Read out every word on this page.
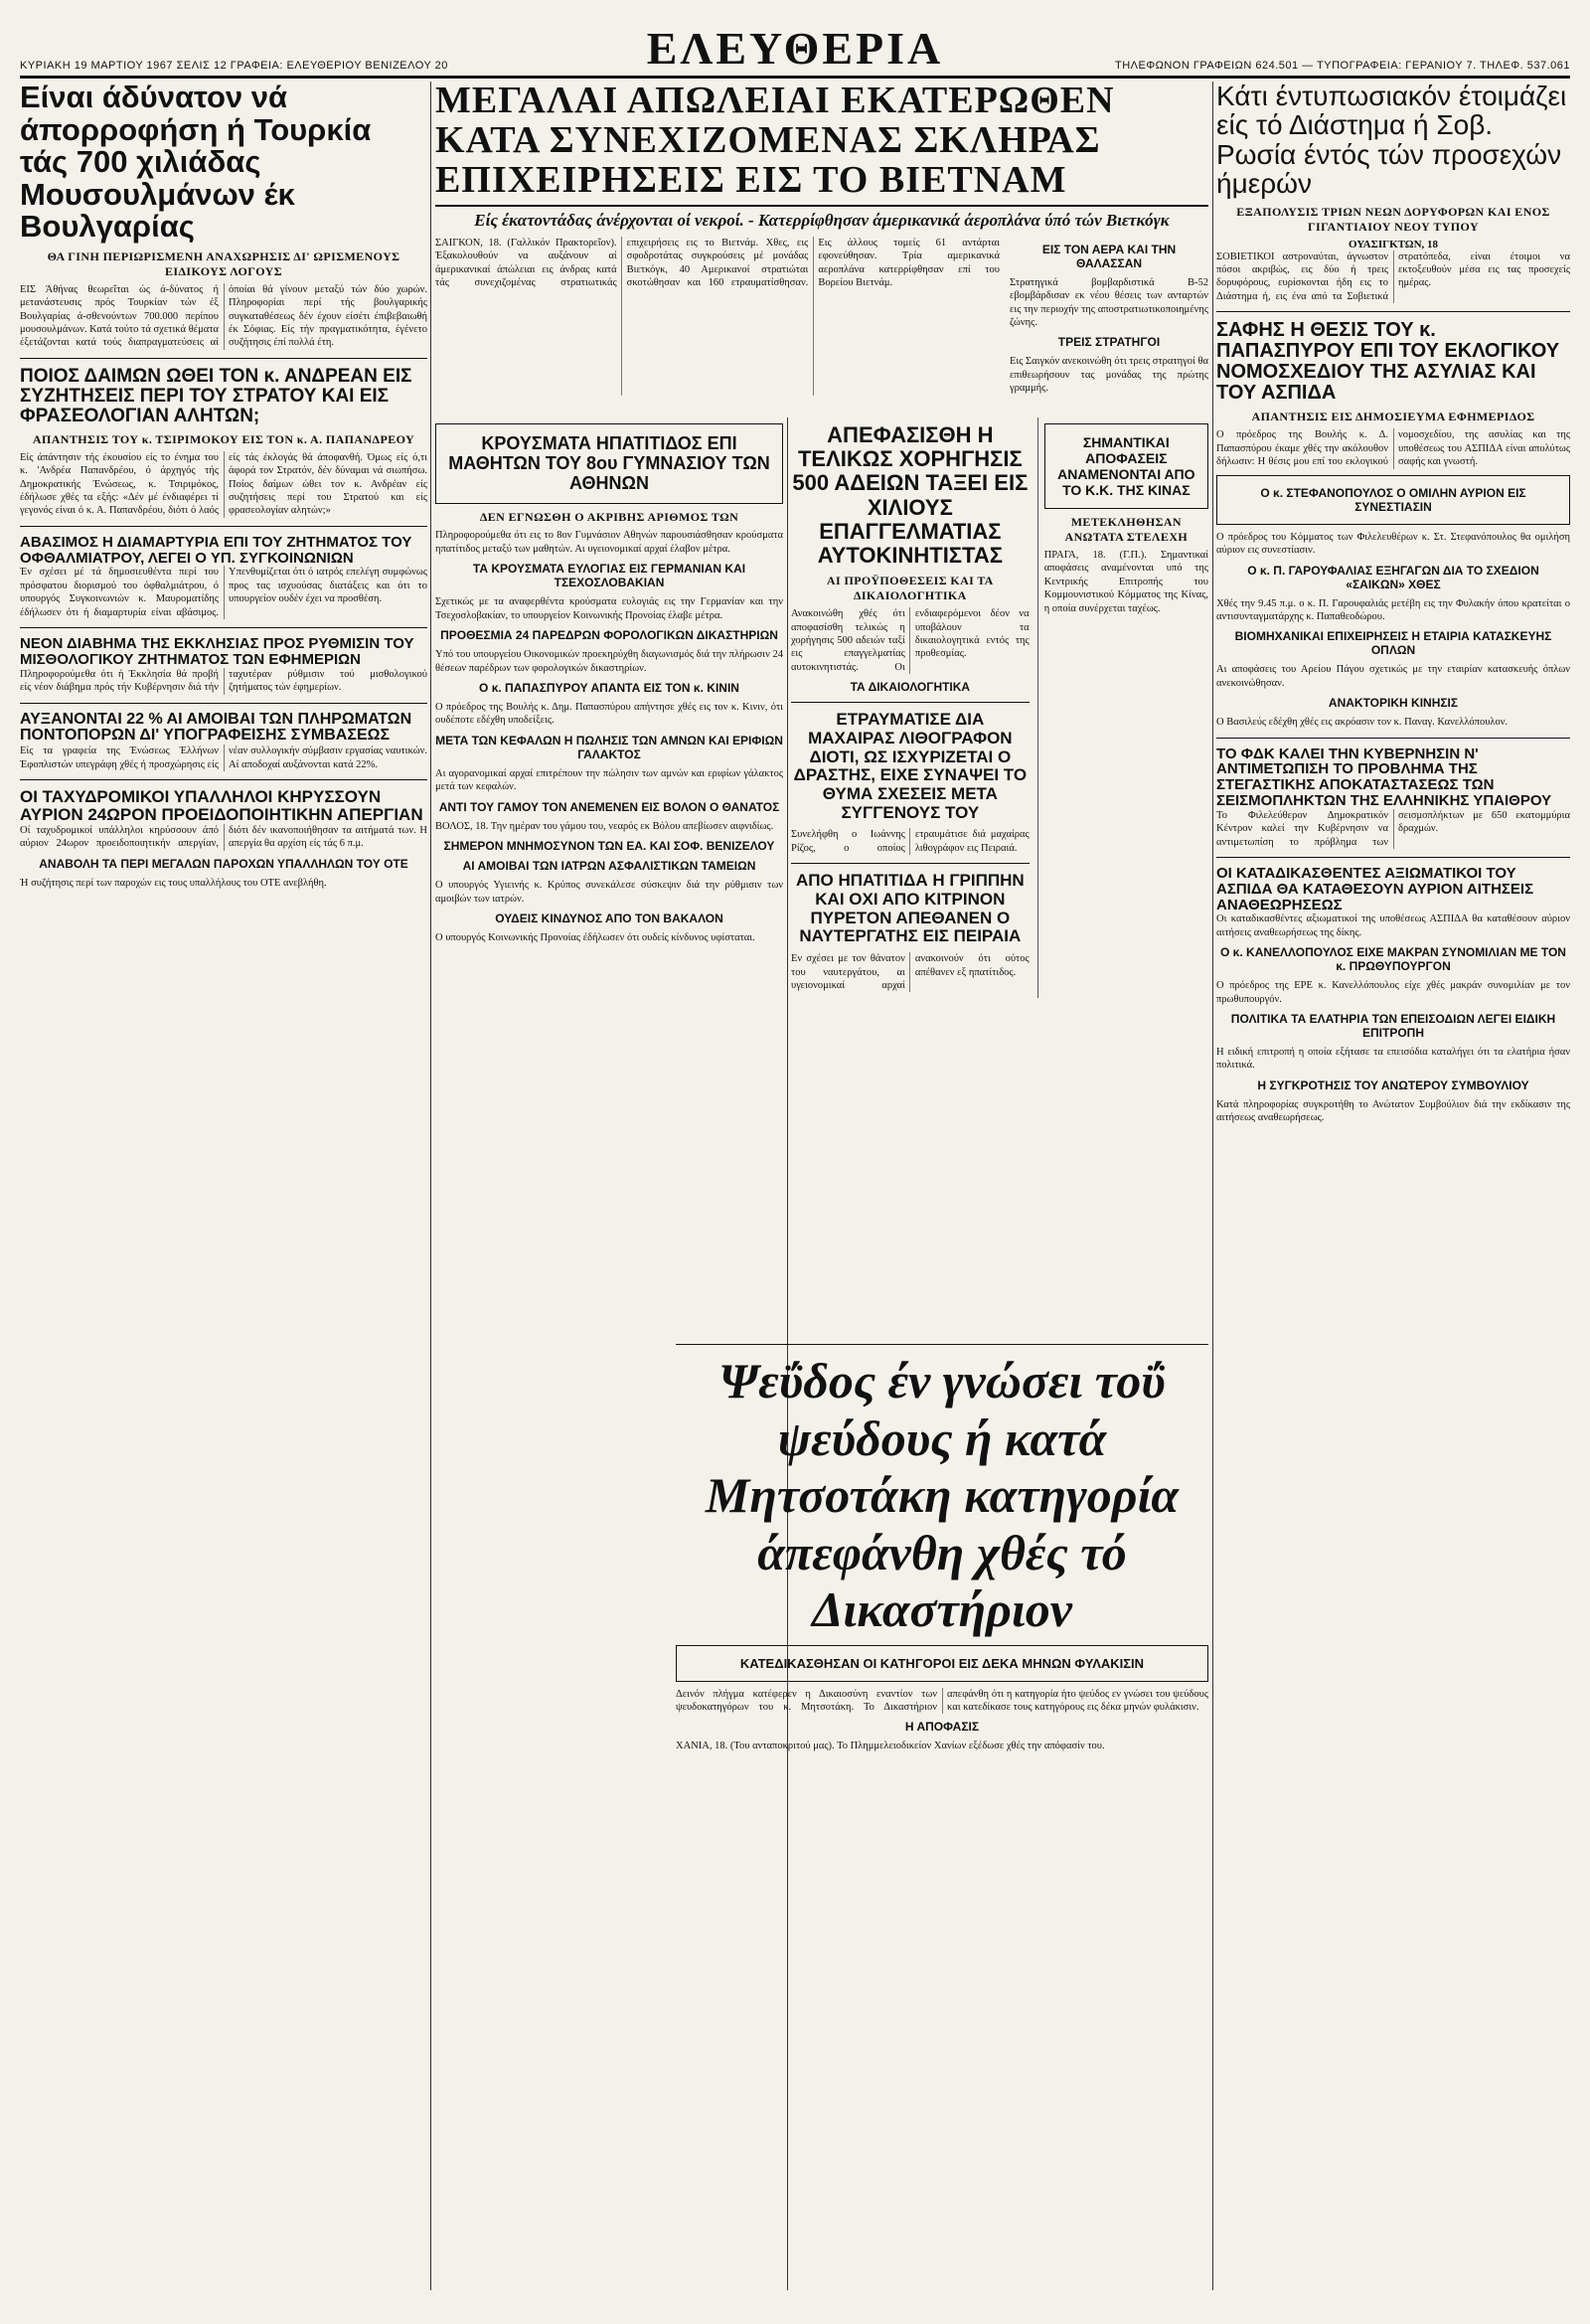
ΚΥΡΙΑΚΗ 19 ΜΑΡΤΙΟΥ 1967 ΣΕΛΙΣ 12 ΓΡΑΦΕΙΑ: ΕΛΕΥΘΕΡΙΟΥ ΒΕΝΙΖΕΛΟΥ 20	ΕΛΕΥΘΕΡΙΑ	ΤΗΛΕΦΩΝΟΝ ΓΡΑΦΕΙΩΝ 624.501 — ΤΥΠΟΓΡΑΦΕΙΑ: ΓΕΡΑΝΙΟΥ 7. ΤΗΛΕΦ. 537.061
Είναι άδύνατον νά άπορροφήση ή Τουρκία τάς 700 χιλιάδας Μουσουλμάνων έκ Βουλγαρίας
ΘΑ ΓΙΝΗ ΠΕΡΙΩΡΙΣΜΕΝΗ ΑΝΑΧΩΡΗΣΙΣ ΔΙ' ΩΡΙΣΜΕΝΟΥΣ ΕΙΔΙΚΟΥΣ ΛΟΓΟΥΣ

ΕΙΣ Άθήνας θεωρεΐται ώς ά-δύνατος ή μετανάστευσις πρός Τουρκίαν τών έξ Βουλγαρίας ά-σθενούντων 700.000 περίπου μουσουλμάνων. Κατά τούτο τά σχετικά θέματα έξετάζονται κατά τούς διαπραγματεύσεις αί όποίαι θά γίνουν μεταξύ τών δύο χωρών. Πληροφορίαι περί τής βουλγαρικής συγκαταθέσεως δέν έχουν είσέτι έπιβεβαιωθή έκ Σόφιας. Είς τήν πραγματικότητα, έγένετο συζήτησις έπί πολλά έτη.

ΠΟΙΟΣ ΔΑΙΜΩΝ ΩΘΕΙ ΤΟΝ κ. ΑΝΔΡΕΑΝ ΕΙΣ ΣΥΖΗΤΗΣΕΙΣ ΠΕΡΙ ΤΟΥ ΣΤΡΑΤΟΥ ΚΑΙ ΕΙΣ ΦΡΑΣΕΟΛΟΓΙΑΝ ΑΛΗΤΩΝ;
ΑΠΑΝΤΗΣΙΣ ΤΟΥ κ. ΤΣΙΡΙΜΟΚΟΥ ΕΙΣ ΤΟΝ κ. Α. ΠΑΠΑΝΔΡΕΟΥ

Είς άπάντησιν τής έκουσίου είς το ένημα του κ. 'Ανδρέα Παπανδρέου, ό άρχηγός τής Δημοκρατικής Ένώσεως, κ. Τσιριμόκος, έδήλωσε χθές τα εξής: «Δέν μέ ένδιαφέρει τί γεγονός είναι ό κ. Α. Παπανδρέου, διότι ό λαός είς τάς έκλογάς θά άποφανθή. Όμως είς ό,τι άφορά τον Στρατόν, δέν δύναμαι νά σιωπήσω. Ποίος δαίμων ώθει τον κ. Ανδρέαν είς συζητήσεις περί του Στρατού και είς φρασεολογίαν αλητών;»

ΑΒΑΣΙΜΟΣ Η ΔΙΑΜΑΡΤΥΡΙΑ ΕΠΙ ΤΟΥ ΖΗΤΗΜΑΤΟΣ ΤΟΥ ΟΦΘΑΛΜΙΑΤΡΟΥ, ΛΕΓΕΙ Ο ΥΠ. ΣΥΓΚΟΙΝΩΝΙΩΝ

Έν σχέσει μέ τά δημοσιευθέντα περί του πρόσφατου διορισμού του όφθαλμιάτρου, ό υπουργός Συγκοινωνιών κ. Μαυροματίδης έδήλωσεν ότι ή διαμαρτυρία είναι αβάσιμος. Υπενθυμίζεται ότι ό ιατρός επελέγη συμφώνως προς τας ισχυούσας διατάξεις και ότι το υπουργείον ουδέν έχει να προσθέση.

ΝΕΟΝ ΔΙΑΒΗΜΑ ΤΗΣ ΕΚΚΛΗΣΙΑΣ ΠΡΟΣ ΡΥΘΜΙΣΙΝ ΤΟΥ ΜΙΣΘΟΛΟΓΙΚΟΥ ΖΗΤΗΜΑΤΟΣ ΤΩΝ ΕΦΗΜΕΡΙΩΝ

Πληροφορούμεθα ότι ή Έκκλησία θά προβή είς νέον διάβημα πρός τήν Κυβέρνησιν διά τήν ταχυτέραν ρύθμισιν τού μισθολογικού ζητήματος τών έφημερίων.

ΑΥΞΑΝΟΝΤΑΙ 22 % ΑΙ ΑΜΟΙΒΑΙ ΤΩΝ ΠΛΗΡΩΜΑΤΩΝ ΠΟΝΤΟΠΟΡΩΝ ΔΙ' ΥΠΟΓΡΑΦΕΙΣΗΣ ΣΥΜΒΑΣΕΩΣ

Είς τα γραφεία της Ένώσεως Έλλήνων Έφοπλιστών υπεγράφη χθές ή προσχώρησις είς νέαν συλλογικήν σύμβασιν εργασίας ναυτικών. Αί αποδοχαί αυξάνονται κατά 22%.

ΟΙ ΤΑΧΥΔΡΟΜΙΚΟΙ ΥΠΑΛΛΗΛΟΙ ΚΗΡΥΣΣΟΥΝ ΑΥΡΙΟΝ 24ΩΡΟΝ ΠΡΟΕΙΔΟΠΟΙΗΤΙΚΗΝ ΑΠΕΡΓΙΑΝ

Οί ταχυδρομικοί υπάλληλοι κηρύσσουν άπό αύριον 24ωρον προειδοποιητικήν απεργίαν, διότι δέν ικανοποιήθησαν τα αιτήματά των. Η απεργία θα αρχίση είς τάς 6 π.μ.

ΑΝΑΒΟΛΗ ΤΑ ΠΕΡΙ ΜΕΓΑΛΩΝ ΠΑΡΟΧΩΝ ΥΠΑΛΛΗΛΩΝ ΤΟΥ ΟΤΕ

Ή συζήτησις περί των παροχών εις τους υπαλλήλους του ΟΤΕ ανεβλήθη.

ΜΕΓΑΛΑΙ ΑΠΩΛΕΙΑΙ ΕΚΑΤΕΡΩΘΕΝ ΚΑΤΑ ΣΥΝΕΧΙΖΟΜΕΝΑΣ ΣΚΛΗΡΑΣ ΕΠΙΧΕΙΡΗΣΕΙΣ ΕΙΣ ΤΟ ΒΙΕΤΝΑΜ
Είς έκατοντάδας άνέρχονται οί νεκροί. - Κατερρίφθησαν άμερικανικά άεροπλάνα ύπό τών Βιετκόγκ

ΣΑΙΓΚΟΝ, 18. (Γαλλικόν Πρακτορεΐον). Έξακολουθούν να αυξάνουν αί άμερικανικαί άπώλειαι εις άνδρας κατά τάς συνεχιζομένας στρατιωτικάς επιχειρήσεις εις το Βιετνάμ. Χθες, εις σφοδροτάτας συγκρούσεις μέ μονάδας Βιετκόγκ, 40 Αμερικανοί στρατιώται σκοτώθησαν και 160 ετραυματίσθησαν. Εις άλλους τομείς 61 αντάρται εφονεύθησαν. Τρία αμερικανικά αεροπλάνα κατερρίφθησαν επί του Βορείου Βιετνάμ.

ΕΙΣ ΤΟΝ ΑΕΡΑ ΚΑΙ ΤΗΝ ΘΑΛΑΣΣΑΝ

Στρατηγικά βομβαρδιστικά Β-52 εβομβάρδισαν εκ νέου θέσεις των ανταρτών εις την περιοχήν της αποστρατιωτικοποιημένης ζώνης.

ΤΡΕΙΣ ΣΤΡΑΤΗΓΟΙ

Εις Σαιγκόν ανεκοινώθη ότι τρεις στρατηγοί θα επιθεωρήσουν τας μονάδας της πρώτης γραμμής.

ΚΡΟΥΣΜΑΤΑ ΗΠΑΤΙΤΙΔΟΣ ΕΠΙ ΜΑΘΗΤΩΝ ΤΟΥ 8ου ΓΥΜΝΑΣΙΟΥ ΤΩΝ ΑΘΗΝΩΝ
ΔΕΝ ΕΓΝΩΣΘΗ Ο ΑΚΡΙΒΗΣ ΑΡΙΘΜΟΣ ΤΩΝ

Πληροφορούμεθα ότι εις το 8ον Γυμνάσιον Αθηνών παρουσιάσθησαν κρούσματα ηπατίτιδος μεταξύ των μαθητών. Αι υγειονομικαί αρχαί έλαβον μέτρα.

ΤΑ ΚΡΟΥΣΜΑΤΑ ΕΥΛΟΓΙΑΣ ΕΙΣ ΓΕΡΜΑΝΙΑΝ ΚΑΙ ΤΣΕΧΟΣΛΟΒΑΚΙΑΝ

Σχετικώς με τα αναφερθέντα κρούσματα ευλογιάς εις την Γερμανίαν και την Τσεχοσλοβακίαν, το υπουργείον Κοινωνικής Προνοίας έλαβε μέτρα.

ΠΡΟΘΕΣΜΙΑ 24 ΠΑΡΕΔΡΩΝ ΦΟΡΟΛΟΓΙΚΩΝ ΔΙΚΑΣΤΗΡΙΩΝ

Υπό του υπουργείου Οικονομικών προεκηρύχθη διαγωνισμός διά την πλήρωσιν 24 θέσεων παρέδρων των φορολογικών δικαστηρίων.

Ο κ. ΠΑΠΑΣΠΥΡΟΥ ΑΠΑΝΤΑ ΕΙΣ ΤΟΝ κ. ΚΙΝΙΝ

Ο πρόεδρος της Βουλής κ. Δημ. Παπασπύρου απήντησε χθές εις τον κ. Κινιν, ότι ουδέποτε εδέχθη υποδείξεις.

ΜΕΤΑ ΤΩΝ ΚΕΦΑΛΩΝ Η ΠΩΛΗΣΙΣ ΤΩΝ ΑΜΝΩΝ ΚΑΙ ΕΡΙΦΙΩΝ ΓΑΛΑΚΤΟΣ

Αι αγορανομικαί αρχαί επιτρέπουν την πώλησιν των αμνών και εριφίων γάλακτος μετά των κεφαλών.

ΑΝΤΙ ΤΟΥ ΓΑΜΟΥ ΤΟΝ ΑΝΕΜΕΝΕΝ ΕΙΣ ΒΟΛΟΝ Ο ΘΑΝΑΤΟΣ

ΒΟΛΟΣ, 18. Την ημέραν του γάμου του, νεαρός εκ Βόλου απεβίωσεν αιφνιδίως.

ΣΗΜΕΡΟΝ ΜΝΗΜΟΣΥΝΟΝ ΤΩΝ ΕΑ. ΚΑΙ ΣΟΦ. ΒΕΝΙΖΕΛΟΥ
ΑΙ ΑΜΟΙΒΑΙ ΤΩΝ ΙΑΤΡΩΝ ΑΣΦΑΛΙΣΤΙΚΩΝ ΤΑΜΕΙΩΝ

Ο υπουργός Υγιεινής κ. Κρύπος συνεκάλεσε σύσκεψιν διά την ρύθμισιν των αμοιβών των ιατρών.

ΟΥΔΕΙΣ ΚΙΝΔΥΝΟΣ ΑΠΟ ΤΟΝ ΒΑΚΑΛΟΝ

Ο υπουργός Κοινωνικής Προνοίας έδήλωσεν ότι ουδείς κίνδυνος υφίσταται.

ΑΠΕΦΑΣΙΣΘΗ Η ΤΕΛΙΚΩΣ ΧΟΡΗΓΗΣΙΣ 500 ΑΔΕΙΩΝ ΤΑΞΕΙ ΕΙΣ ΧΙΛΙΟΥΣ ΕΠΑΓΓΕΛΜΑΤΙΑΣ ΑΥΤΟΚΙΝΗΤΙΣΤΑΣ
ΑΙ ΠΡΟΫΠΟΘΕΣΕΙΣ ΚΑΙ ΤΑ ΔΙΚΑΙΟΛΟΓΗΤΙΚΑ

Ανακοινώθη χθές ότι αποφασίσθη τελικώς η χορήγησις 500 αδειών ταξί εις επαγγελματίας αυτοκινητιστάς. Οι ενδιαφερόμενοι δέον να υποβάλουν τα δικαιολογητικά εντός της προθεσμίας.

ΤΑ ΔΙΚΑΙΟΛΟΓΗΤΙΚΑ
ΕΤΡΑΥΜΑΤΙΣΕ ΔΙΑ ΜΑΧΑΙΡΑΣ ΛΙΘΟΓΡΑΦΟΝ ΔΙΟΤΙ, ΩΣ ΙΣΧΥΡΙΖΕΤΑΙ Ο ΔΡΑΣΤΗΣ, ΕΙΧΕ ΣΥΝΑΨΕΙ ΤΟ ΘΥΜΑ ΣΧΕΣΕΙΣ ΜΕΤΑ ΣΥΓΓΕΝΟΥΣ ΤΟΥ

Συνελήφθη ο Ιωάννης Ρίζος, ο οποίος ετραυμάτισε διά μαχαίρας λιθογράφον εις Πειραιά.

ΑΠΟ ΗΠΑΤΙΤΙΔΑ Η ΓΡΙΠΠΗΝ ΚΑΙ ΟΧΙ ΑΠΟ ΚΙΤΡΙΝΟΝ ΠΥΡΕΤΟΝ ΑΠΕΘΑΝΕΝ Ο ΝΑΥΤΕΡΓΑΤΗΣ ΕΙΣ ΠΕΙΡΑΙΑ

Εν σχέσει με τον θάνατον του ναυτεργάτου, αι υγειονομικαί αρχαί ανακοινούν ότι ούτος απέθανεν εξ ηπατίτιδος.

ΣΗΜΑΝΤΙΚΑΙ ΑΠΟΦΑΣΕΙΣ ΑΝΑΜΕΝΟΝΤΑΙ ΑΠΟ ΤΟ Κ.Κ. ΤΗΣ ΚΙΝΑΣ
ΜΕΤΕΚΛΗΘΗΣΑΝ ΑΝΩΤΑΤΑ ΣΤΕΛΕΧΗ

ΠΡΑΓΑ, 18. (Γ.Π.). Σημαντικαί αποφάσεις αναμένονται υπό της Κεντρικής Επιτροπής του Κομμουνιστικού Κόμματος της Κίνας, η οποία συνέρχεται ταχέως.

Ψεΰδος έν γνώσει τοΰ ψεύδους ή κατά Μητσοτάκη κατηγορία άπεφάνθη χθές τό Δικαστήριον
ΚΑΤΕΔΙΚΑΣΘΗΣΑΝ ΟΙ ΚΑΤΗΓΟΡΟΙ ΕΙΣ ΔΕΚΑ ΜΗΝΩΝ ΦΥΛΑΚΙΣΙΝ

Δεινόν πλήγμα κατέφερεν η Δικαιοσύνη εναντίον των ψευδοκατηγόρων του κ. Μητσοτάκη. Το Δικαστήριον απεφάνθη ότι η κατηγορία ήτο ψεύδος εν γνώσει του ψεύδους και κατεδίκασε τους κατηγόρους εις δέκα μηνών φυλάκισιν.

Η ΑΠΟΦΑΣΙΣ

ΧΑΝΙΑ, 18. (Του ανταποκριτού μας). Το Πλημμελειοδικείον Χανίων εξέδωσε χθές την απόφασίν του.

Κάτι έντυπωσιακόν έτοιμάζει είς τό Διάστημα ή Σοβ. Ρωσία έντός τών προσεχών ήμερών
ΕΞΑΠΟΛΥΣΙΣ ΤΡΙΩΝ ΝΕΩΝ ΔΟΡΥΦΟΡΩΝ ΚΑΙ ΕΝΟΣ ΓΙΓΑΝΤΙΑΙΟΥ ΝΕΟΥ ΤΥΠΟΥ
ΟΥΑΣΙΓΚΤΩΝ, 18

ΣΟΒΙΕΤΙΚΟΙ αστροναύται, άγνωστον πόσοι ακριβώς, εις δύο ή τρεις δορυφόρους, ευρίσκονται ήδη εις το Διάστημα ή, εις ένα από τα Σοβιετικά στρατόπεδα, είναι έτοιμοι να εκτοξευθούν μέσα εις τας προσεχείς ημέρας.

ΣΑΦΗΣ Η ΘΕΣΙΣ ΤΟΥ κ. ΠΑΠΑΣΠΥΡΟΥ ΕΠΙ ΤΟΥ ΕΚΛΟΓΙΚΟΥ ΝΟΜΟΣΧΕΔΙΟΥ ΤΗΣ ΑΣΥΛΙΑΣ ΚΑΙ ΤΟΥ ΑΣΠΙΔΑ
ΑΠΑΝΤΗΣΙΣ ΕΙΣ ΔΗΜΟΣΙΕΥΜΑ ΕΦΗΜΕΡΙΔΟΣ

Ο πρόεδρος της Βουλής κ. Δ. Παπασπύρου έκαμε χθές την ακόλουθον δήλωσιν: Η θέσις μου επί του εκλογικού νομοσχεδίου, της ασυλίας και της υποθέσεως του ΑΣΠΙΔΑ είναι απολύτως σαφής και γνωστή.

Ο κ. ΣΤΕΦΑΝΟΠΟΥΛΟΣ Ο ΟΜΙΛΗΝ ΑΥΡΙΟΝ ΕΙΣ ΣΥΝΕΣΤΙΑΣΙΝ

Ο πρόεδρος του Κόμματος των Φιλελευθέρων κ. Στ. Στεφανόπουλος θα ομιλήση αύριον εις συνεστίασιν.

Ο κ. Π. ΓΑΡΟΥΦΑΛΙΑΣ ΕΞΗΓΑΓΩΝ ΔΙΑ ΤΟ ΣΧΕΔΙΟΝ «ΣΑΙΚΩΝ» ΧΘΕΣ

Χθές την 9.45 π.μ. ο κ. Π. Γαρουφαλιάς μετέβη εις την Φυλακήν όπου κρατείται ο αντισυνταγματάρχης κ. Παπαθεοδώρου.

ΒΙΟΜΗΧΑΝΙΚΑΙ ΕΠΙΧΕΙΡΗΣΕΙΣ Η ΕΤΑΙΡΙΑ ΚΑΤΑΣΚΕΥΗΣ ΟΠΛΩΝ

Αι αποφάσεις του Αρείου Πάγου σχετικώς με την εταιρίαν κατασκευής όπλων ανεκοινώθησαν.

ΑΝΑΚΤΟΡΙΚΗ ΚΙΝΗΣΙΣ

Ο Βασιλεύς εδέχθη χθές εις ακρόασιν τον κ. Παναγ. Κανελλόπουλον.

ΤΟ ΦΔΚ ΚΑΛΕΙ ΤΗΝ ΚΥΒΕΡΝΗΣΙΝ Ν' ΑΝΤΙΜΕΤΩΠΙΣΗ ΤΟ ΠΡΟΒΛΗΜΑ ΤΗΣ ΣΤΕΓΑΣΤΙΚΗΣ ΑΠΟΚΑΤΑΣΤΑΣΕΩΣ ΤΩΝ ΣΕΙΣΜΟΠΛΗΚΤΩΝ ΤΗΣ ΕΛΛΗΝΙΚΗΣ ΥΠΑΙΘΡΟΥ

Το Φιλελεύθερον Δημοκρατικόν Κέντρον καλεί την Κυβέρνησιν να αντιμετωπίση το πρόβλημα των σεισμοπλήκτων με 650 εκατομμύρια δραχμών.

ΟΙ ΚΑΤΑΔΙΚΑΣΘΕΝΤΕΣ ΑΞΙΩΜΑΤΙΚΟΙ ΤΟΥ ΑΣΠΙΔΑ ΘΑ ΚΑΤΑΘΕΣΟΥΝ ΑΥΡΙΟΝ ΑΙΤΗΣΕΙΣ ΑΝΑΘΕΩΡΗΣΕΩΣ

Οι καταδικασθέντες αξιωματικοί της υποθέσεως ΑΣΠΙΔΑ θα καταθέσουν αύριον αιτήσεις αναθεωρήσεως της δίκης.

Ο κ. ΚΑΝΕΛΛΟΠΟΥΛΟΣ ΕΙΧΕ ΜΑΚΡΑΝ ΣΥΝΟΜΙΛΙΑΝ ΜΕ ΤΟΝ κ. ΠΡΩΘΥΠΟΥΡΓΟΝ

Ο πρόεδρος της ΕΡΕ κ. Κανελλόπουλος είχε χθές μακράν συνομιλίαν με τον πρωθυπουργόν.

ΠΟΛΙΤΙΚΑ ΤΑ ΕΛΑΤΗΡΙΑ ΤΩΝ ΕΠΕΙΣΟΔΙΩΝ ΛΕΓΕΙ ΕΙΔΙΚΗ ΕΠΙΤΡΟΠΗ

Η ειδική επιτροπή η οποία εξήτασε τα επεισόδια καταλήγει ότι τα ελατήρια ήσαν πολιτικά.

Η ΣΥΓΚΡΟΤΗΣΙΣ ΤΟΥ ΑΝΩΤΕΡΟΥ ΣΥΜΒΟΥΛΙΟΥ

Κατά πληροφορίας συγκροτήθη το Ανώτατον Συμβούλιον διά την εκδίκασιν της αιτήσεως αναθεωρήσεως.
